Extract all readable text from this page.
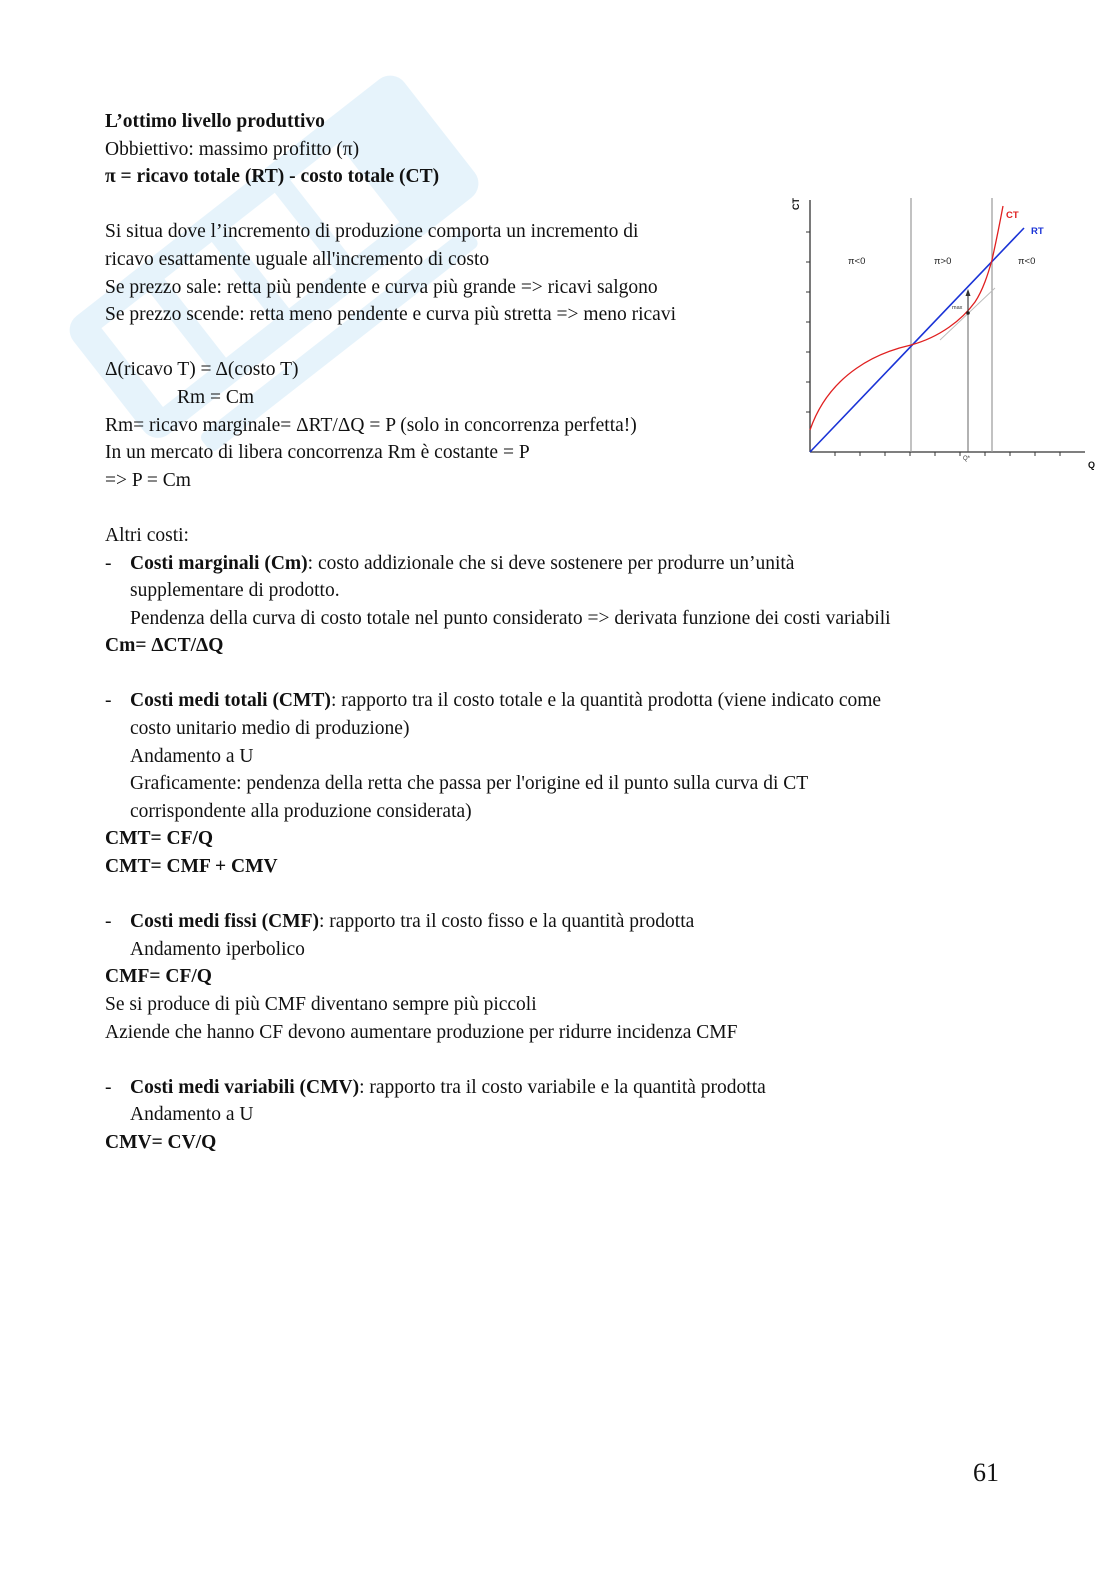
L’ottimo livello produttivo
Obbiettivo: massimo profitto (π)
π = ricavo totale (RT) - costo totale (CT)
Si situa dove l’incremento di produzione comporta un incremento di
ricavo esattamente uguale all'incremento di costo
Se prezzo sale: retta più pendente e curva più grande => ricavi salgono
Se prezzo scende: retta meno pendente e curva più stretta => meno ricavi
Δ(ricavo T) = Δ(costo T)
Rm = Cm
Rm= ricavo marginale= ΔRT/ΔQ = P (solo in concorrenza perfetta!)
In un mercato di libera concorrenza Rm è costante = P
=> P = Cm
Altri costi:
- Costi marginali (Cm): costo addizionale che si deve sostenere per produrre un’unità
supplementare di prodotto.
Pendenza della curva di costo totale nel punto considerato => derivata funzione dei costi variabili
Cm= ΔCT/ΔQ
- Costi medi totali (CMT): rapporto tra il costo totale e la quantità prodotta (viene indicato come
costo unitario medio di produzione)
Andamento a U
Graficamente: pendenza della retta che passa per l'origine ed il punto sulla curva di CT
corrispondente alla produzione considerata)
CMT= CF/Q
CMT= CMF + CMV
- Costi medi fissi (CMF): rapporto tra il costo fisso e la quantità prodotta
Andamento iperbolico
CMF= CF/Q
Se si produce di più CMF diventano sempre più piccoli
Aziende che hanno CF devono aumentare produzione per ridurre incidenza CMF
- Costi medi variabili (CMV): rapporto tra il costo variabile e la quantità prodotta
Andamento a U
CMV= CV/Q
CT
Q
π<0	π>0	π<0
CT
RT
max
Q*
61
